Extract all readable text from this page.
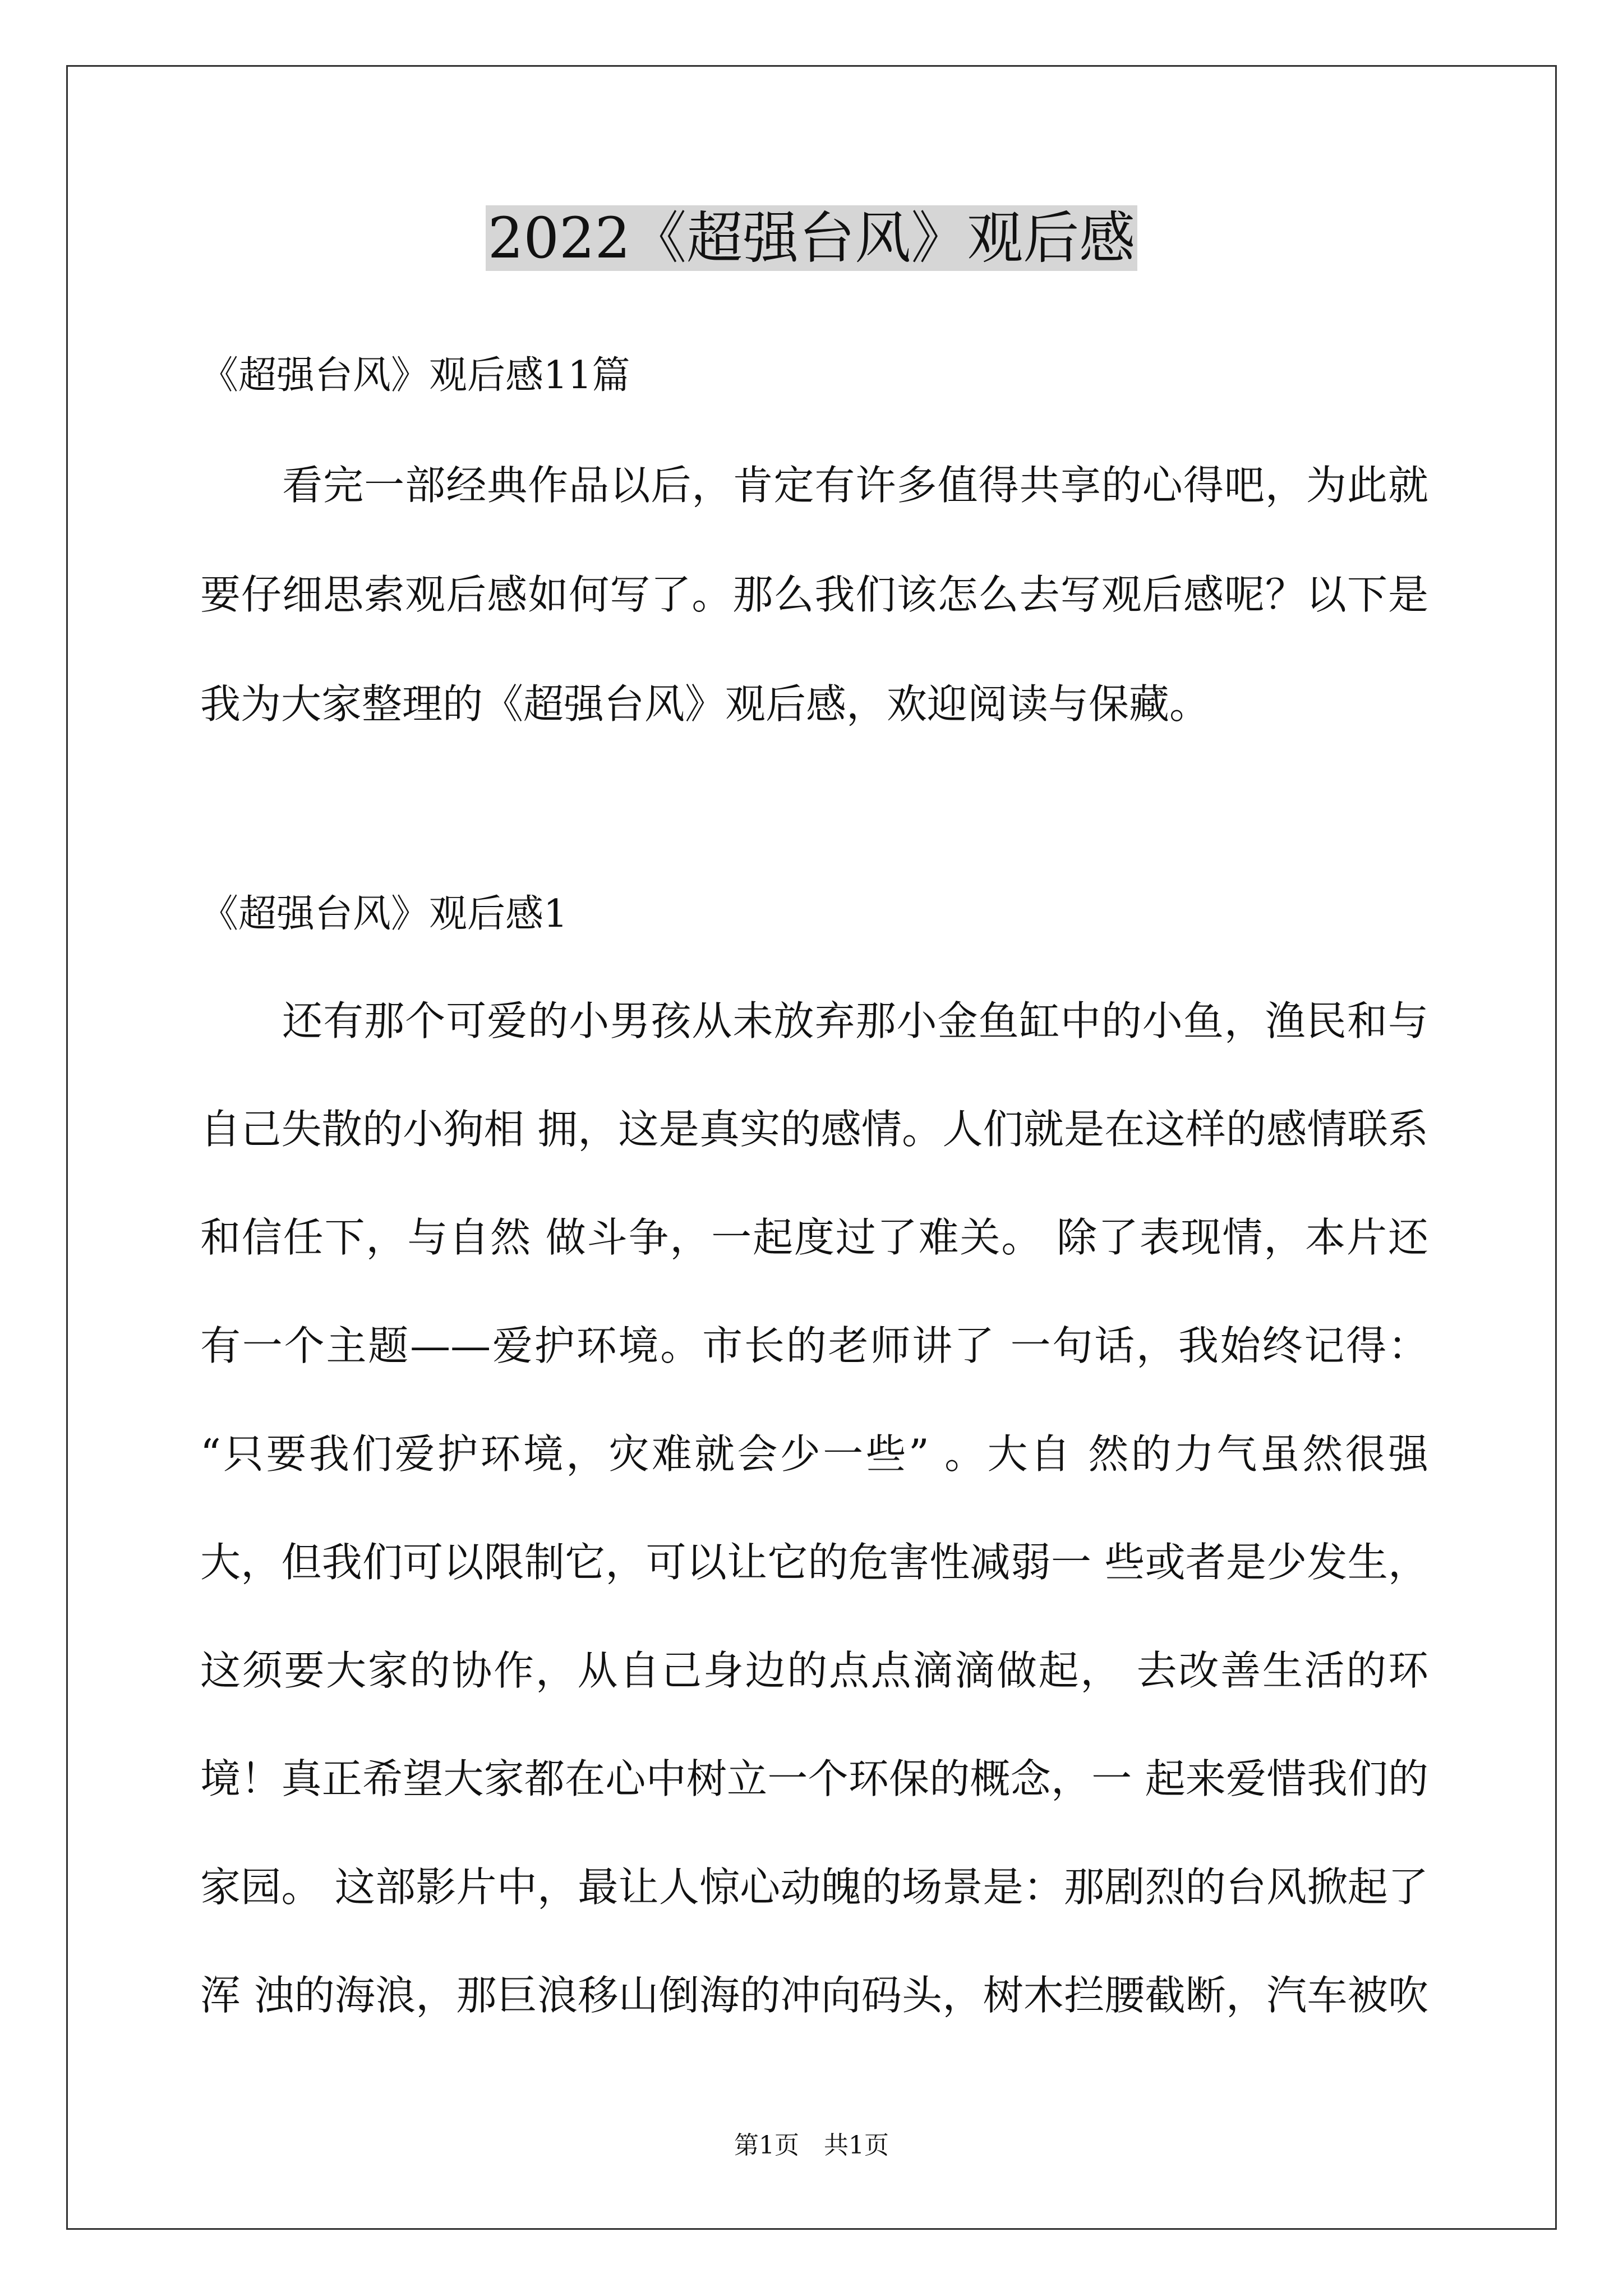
2022《超强台风》观后感

《超强台风》观后感11篇

　　看完一部经典作品以后，肯定有许多值得共享的心得吧，为此就

要仔细思索观后感如何写了。那么我们该怎么去写观后感呢？以下是

我为大家整理的《超强台风》观后感，欢迎阅读与保藏。

《超强台风》观后感1

　　还有那个可爱的小男孩从未放弃那小金鱼缸中的小鱼，渔民和与

自己失散的小狗相 拥，这是真实的感情。人们就是在这样的感情联系

和信任下，与自然 做斗争，一起度过了难关。 除了表现情，本片还

有一个主题——爱护环境。市长的老师讲了 一句话，我始终记得：

“只要我们爱护环境，灾难就会少一些” 。大自 然的力气虽然很强

大，但我们可以限制它，可以让它的危害性减弱一 些或者是少发生，

这须要大家的协作，从自己身边的点点滴滴做起， 去改善生活的环

境！真正希望大家都在心中树立一个环保的概念，一 起来爱惜我们的

家园。 这部影片中，最让人惊心动魄的场景是：那剧烈的台风掀起了

浑 浊的海浪，那巨浪移山倒海的冲向码头，树木拦腰截断，汽车被吹

第1页　共1页
